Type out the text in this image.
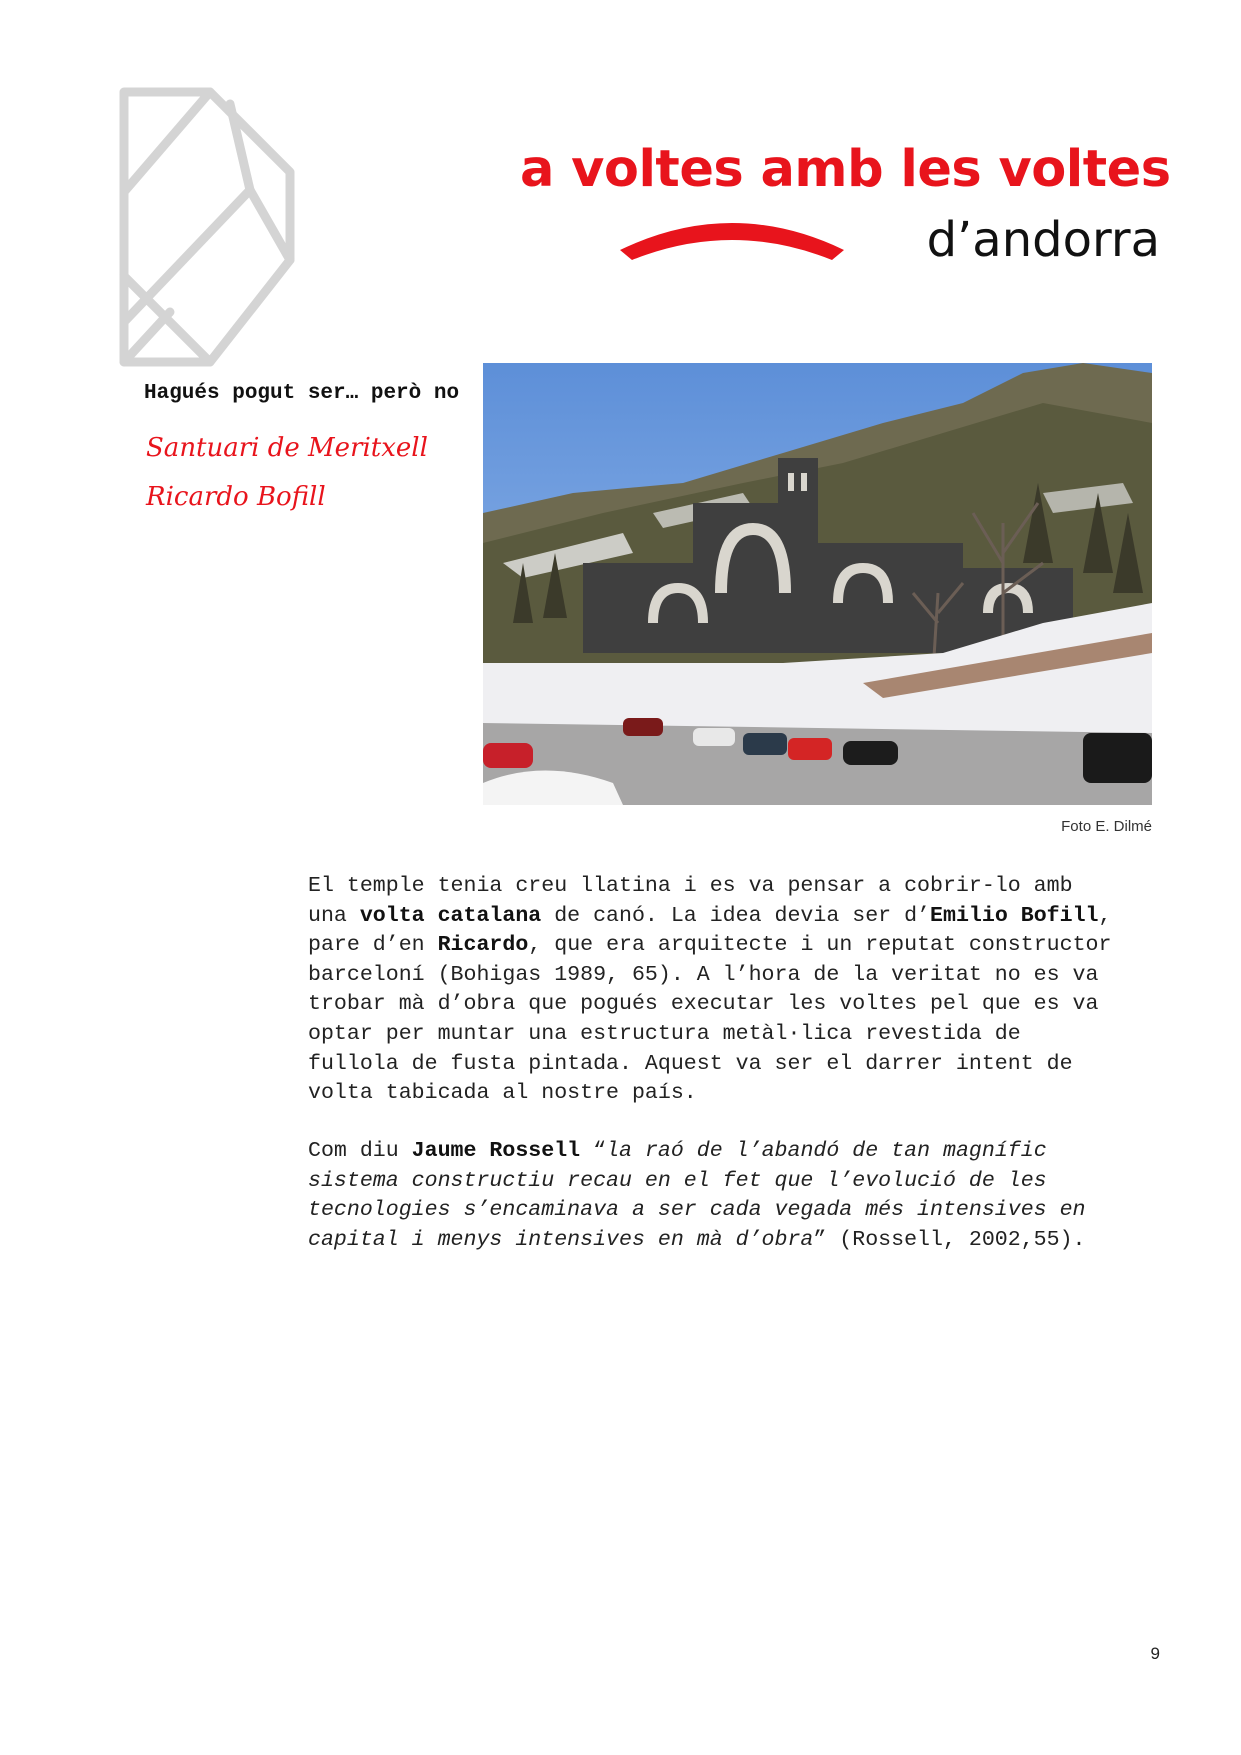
a voltes amb les voltes
d’andorra
Hagués pogut ser… però no
Santuari de Meritxell
Ricardo Bofill
Foto E. Dilmé
El temple tenia creu llatina i es va pensar a cobrir-lo amb
una volta catalana de canó. La idea devia ser d’Emilio Bofill,
pare d’en Ricardo, que era arquitecte i un reputat constructor
barceloní (Bohigas 1989, 65). A l’hora de la veritat no es va
trobar mà d’obra que pogués executar les voltes pel que es va
optar per muntar una estructura metàl·lica revestida de
fullola de fusta pintada. Aquest va ser el darrer intent de
volta tabicada al nostre país.
Com diu Jaume Rossell “la raó de l’abandó de tan magnífic
sistema constructiu recau en el fet que l’evolució de les
tecnologies s’encaminava a ser cada vegada més intensives en
capital i menys intensives en mà d’obra” (Rossell, 2002,55).
9
